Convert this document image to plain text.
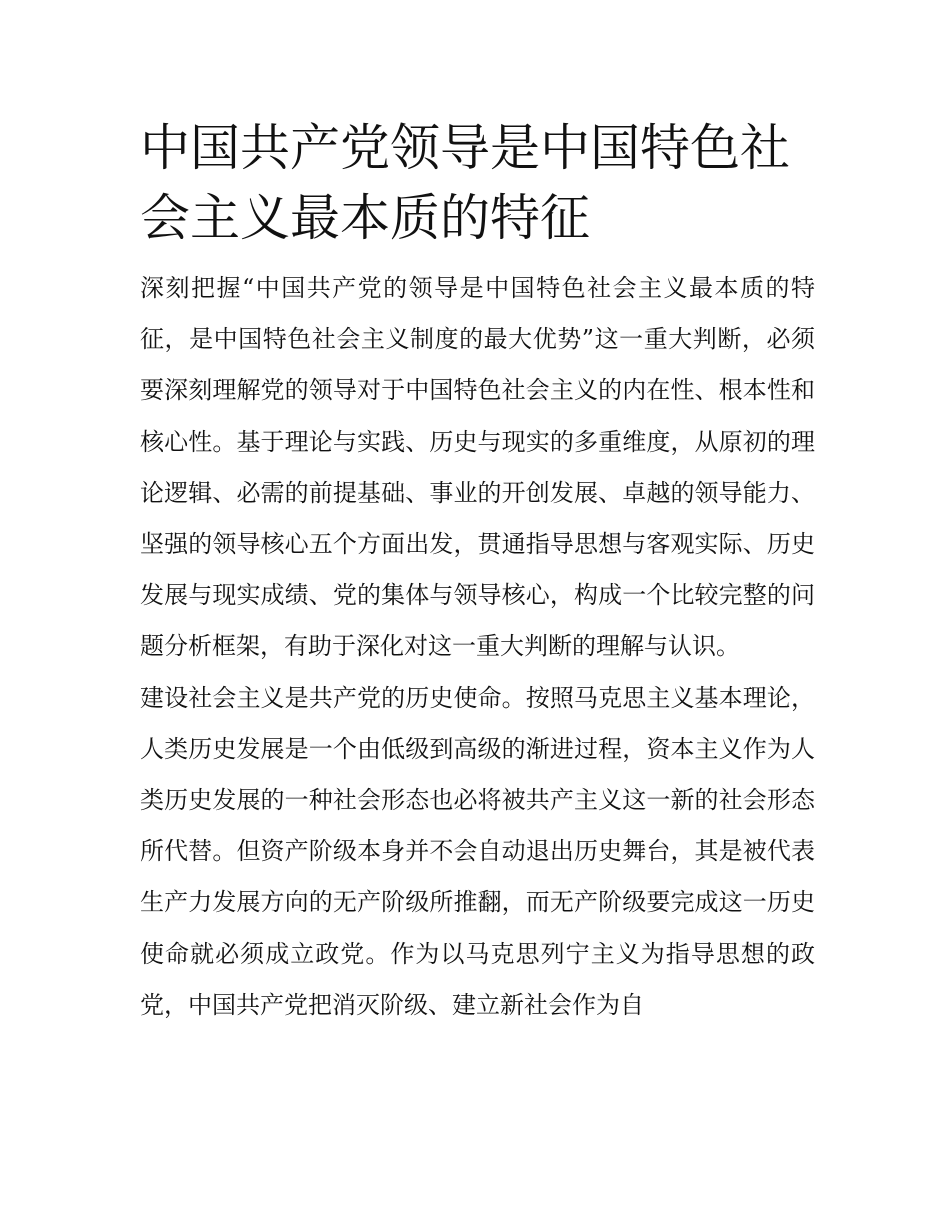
中国共产党领导是中国特色社会主义最本质的特征

深刻把握“中国共产党的领导是中国特色社会主义最本质的特征，是中国特色社会主义制度的最大优势”这一重大判断，必须要深刻理解党的领导对于中国特色社会主义的内在性、根本性和核心性。基于理论与实践、历史与现实的多重维度，从原初的理论逻辑、必需的前提基础、事业的开创发展、卓越的领导能力、坚强的领导核心五个方面出发，贯通指导思想与客观实际、历史发展与现实成绩、党的集体与领导核心，构成一个比较完整的问题分析框架，有助于深化对这一重大判断的理解与认识。

建设社会主义是共产党的历史使命。按照马克思主义基本理论，人类历史发展是一个由低级到高级的渐进过程，资本主义作为人类历史发展的一种社会形态也必将被共产主义这一新的社会形态所代替。但资产阶级本身并不会自动退出历史舞台，其是被代表生产力发展方向的无产阶级所推翻，而无产阶级要完成这一历史使命就必须成立政党。作为以马克思列宁主义为指导思想的政党，中国共产党把消灭阶级、建立新社会作为自
